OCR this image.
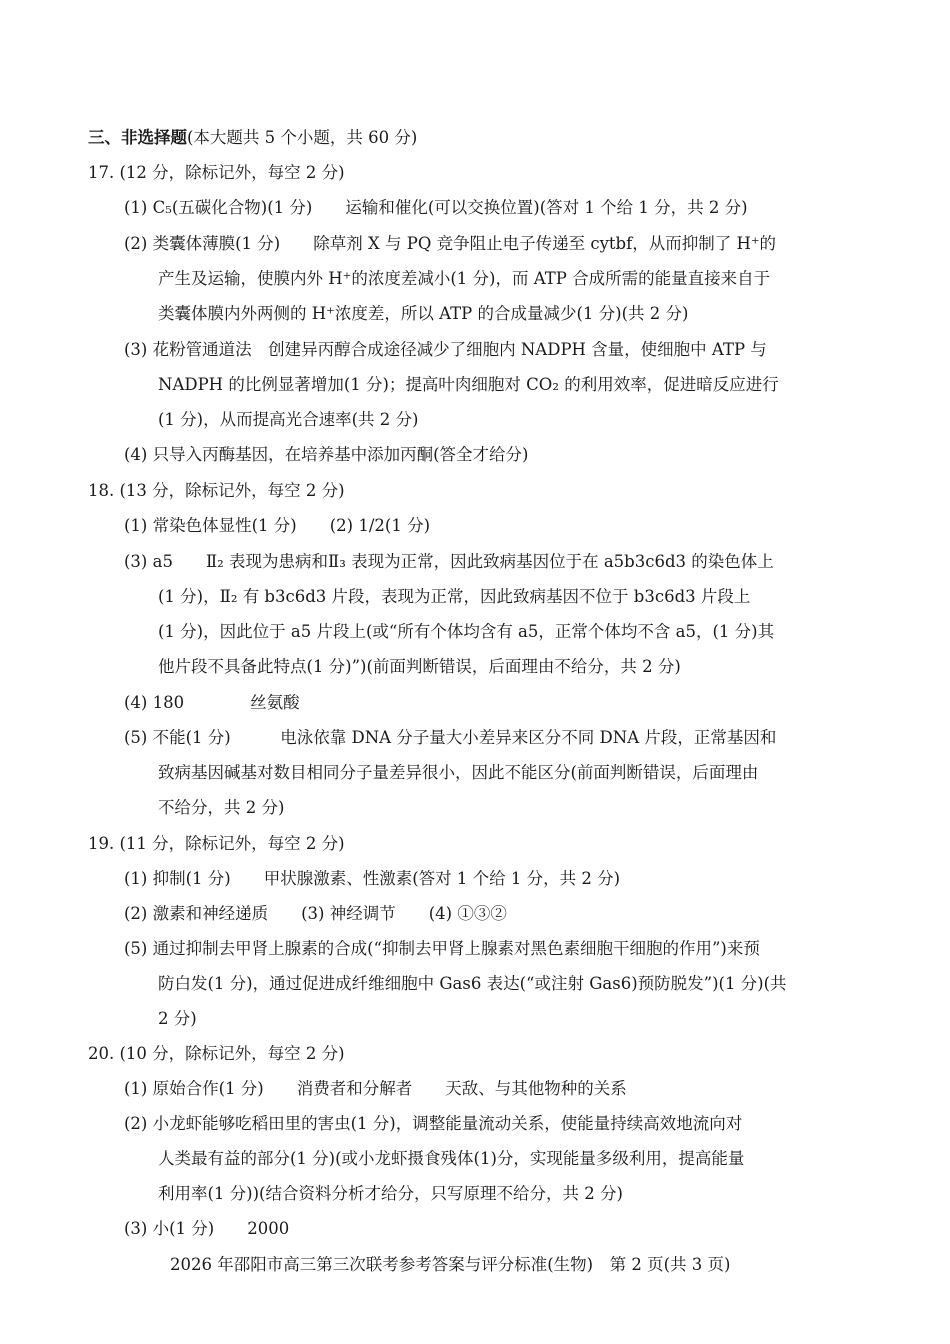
三、非选择题(本大题共 5 个小题，共 60 分)
17. (12 分，除标记外，每空 2 分)
(1) C₅(五碳化合物)(1 分)　　运输和催化(可以交换位置)(答对 1 个给 1 分，共 2 分)
(2) 类囊体薄膜(1 分)　　除草剂 X 与 PQ 竞争阻止电子传递至 cytbf，从而抑制了 H⁺的
产生及运输，使膜内外 H⁺的浓度差减小(1 分)，而 ATP 合成所需的能量直接来自于
类囊体膜内外两侧的 H⁺浓度差，所以 ATP 的合成量减少(1 分)(共 2 分)
(3) 花粉管通道法　创建异丙醇合成途径减少了细胞内 NADPH 含量，使细胞中 ATP 与
NADPH 的比例显著增加(1 分)；提高叶肉细胞对 CO₂ 的利用效率，促进暗反应进行
(1 分)，从而提高光合速率(共 2 分)
(4) 只导入丙酶基因，在培养基中添加丙酮(答全才给分)
18. (13 分，除标记外，每空 2 分)
(1) 常染色体显性(1 分)　　(2) 1/2(1 分)
(3) a5　　Ⅱ₂ 表现为患病和Ⅱ₃ 表现为正常，因此致病基因位于在 a5b3c6d3 的染色体上
(1 分)，Ⅱ₂ 有 b3c6d3 片段，表现为正常，因此致病基因不位于 b3c6d3 片段上
(1 分)，因此位于 a5 片段上(或“所有个体均含有 a5，正常个体均不含 a5，(1 分)其
他片段不具备此特点(1 分)”)(前面判断错误，后面理由不给分，共 2 分)
(4) 180　　　　丝氨酸
(5) 不能(1 分)　　　电泳依靠 DNA 分子量大小差异来区分不同 DNA 片段，正常基因和
致病基因碱基对数目相同分子量差异很小，因此不能区分(前面判断错误，后面理由
不给分，共 2 分)
19. (11 分，除标记外，每空 2 分)
(1) 抑制(1 分)　　甲状腺激素、性激素(答对 1 个给 1 分，共 2 分)
(2) 激素和神经递质　　(3) 神经调节　　(4) ①③②
(5) 通过抑制去甲肾上腺素的合成(“抑制去甲肾上腺素对黑色素细胞干细胞的作用”)来预
防白发(1 分)，通过促进成纤维细胞中 Gas6 表达(“或注射 Gas6)预防脱发”)(1 分)(共
2 分)
20. (10 分，除标记外，每空 2 分)
(1) 原始合作(1 分)　　消费者和分解者　　天敌、与其他物种的关系
(2) 小龙虾能够吃稻田里的害虫(1 分)，调整能量流动关系，使能量持续高效地流向对
人类最有益的部分(1 分)(或小龙虾摄食残体(1)分，实现能量多级利用，提高能量
利用率(1 分))(结合资料分析才给分，只写原理不给分，共 2 分)
(3) 小(1 分)　　2000
2026 年邵阳市高三第三次联考参考答案与评分标准(生物)　第 2 页(共 3 页)
